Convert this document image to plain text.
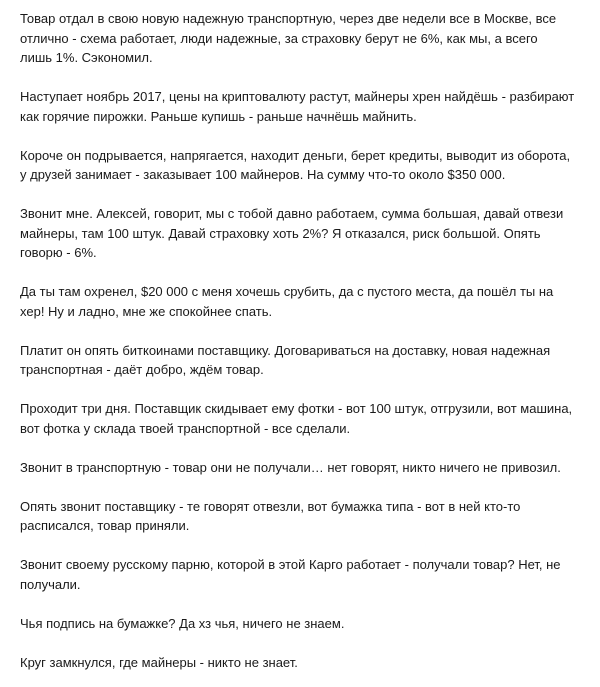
Товар отдал в свою новую надежную транспортную, через две недели все в Москве, все
отлично - схема работает, люди надежные, за страховку берут не 6%, как мы, а всего
лишь 1%. Сэкономил.

Наступает ноябрь 2017, цены на криптовалюту растут, майнеры хрен найдёшь - разбирают
как горячие пирожки. Раньше купишь - раньше начнёшь майнить.

Короче он подрывается, напрягается, находит деньги, берет кредиты, выводит из оборота,
у друзей занимает - заказывает 100 майнеров. На сумму что-то около $350 000.

Звонит мне. Алексей, говорит, мы с тобой давно работаем, сумма большая, давай отвези
майнеры, там 100 штук. Давай страховку хоть 2%? Я отказался, риск большой. Опять
говорю - 6%.

Да ты там охренел, $20 000 с меня хочешь срубить, да с пустого места, да пошёл ты на
хер! Ну и ладно, мне же спокойнее спать.

Платит он опять биткоинами поставщику. Договариваться на доставку, новая надежная
транспортная - даёт добро, ждём товар.

Проходит три дня. Поставщик скидывает ему фотки - вот 100 штук, отгрузили, вот машина,
вот фотка у склада твоей транспортной - все сделали.

Звонит в транспортную - товар они не получали… нет говорят, никто ничего не привозил.

Опять звонит поставщику - те говорят отвезли, вот бумажка типа - вот в ней кто-то
расписался, товар приняли.

Звонит своему русскому парню, которой в этой Карго работает - получали товар? Нет, не
получали.

Чья подпись на бумажке? Да хз чья, ничего не знаем.

Круг замкнулся, где майнеры - никто не знает.
